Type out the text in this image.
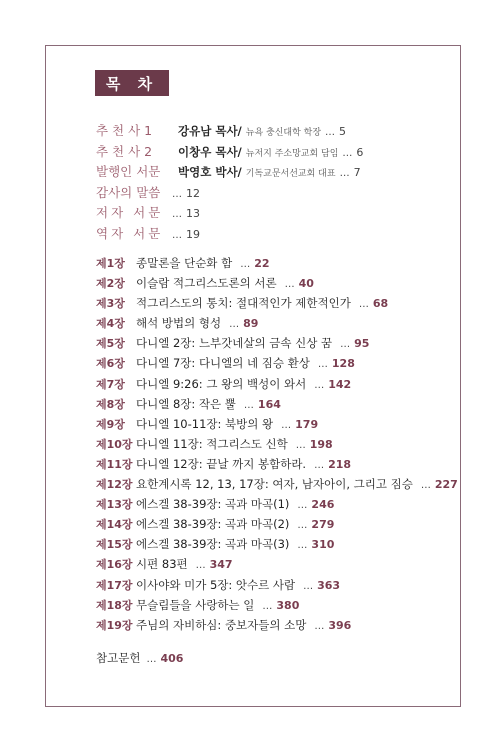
목 차
추 천 사 1	강유남 목사/ 뉴욕 충신대학 학장 … 5
추 천 사 2	이창우 목사/ 뉴저지 주소망교회 담임 … 6
발행인 서문	박영호 박사/ 기독교문서선교회 대표 … 7
감사의 말씀	… 12
저자 서문 … 13
역자 서문 … 19
제1장 종말론을 단순화 함 … 22
제2장 이슬람 적그리스도론의 서론 … 40
제3장 적그리스도의 통치: 절대적인가 제한적인가 … 68
제4장 해석 방법의 형성 … 89
제5장 다니엘 2장: 느부갓네살의 금속 신상 꿈 … 95
제6장 다니엘 7장: 다니엘의 네 짐승 환상 … 128
제7장 다니엘 9:26: 그 왕의 백성이 와서 … 142
제8장 다니엘 8장: 작은 뿔 … 164
제9장 다니엘 10-11장: 북방의 왕 … 179
제10장 다니엘 11장: 적그리스도 신학 … 198
제11장 다니엘 12장: 끝날 까지 봉함하라. … 218
제12장 요한계시록 12, 13, 17장: 여자, 남자아이, 그리고 짐승 … 227
제13장 에스겔 38-39장: 곡과 마곡(1) … 246
제14장 에스겔 38-39장: 곡과 마곡(2) … 279
제15장 에스겔 38-39장: 곡과 마곡(3) … 310
제16장 시편 83편 … 347
제17장 이사야와 미가 5장: 앗수르 사람 … 363
제18장 무슬림들을 사랑하는 일 … 380
제19장 주님의 자비하심: 중보자들의 소망 … 396
참고문헌 … 406
